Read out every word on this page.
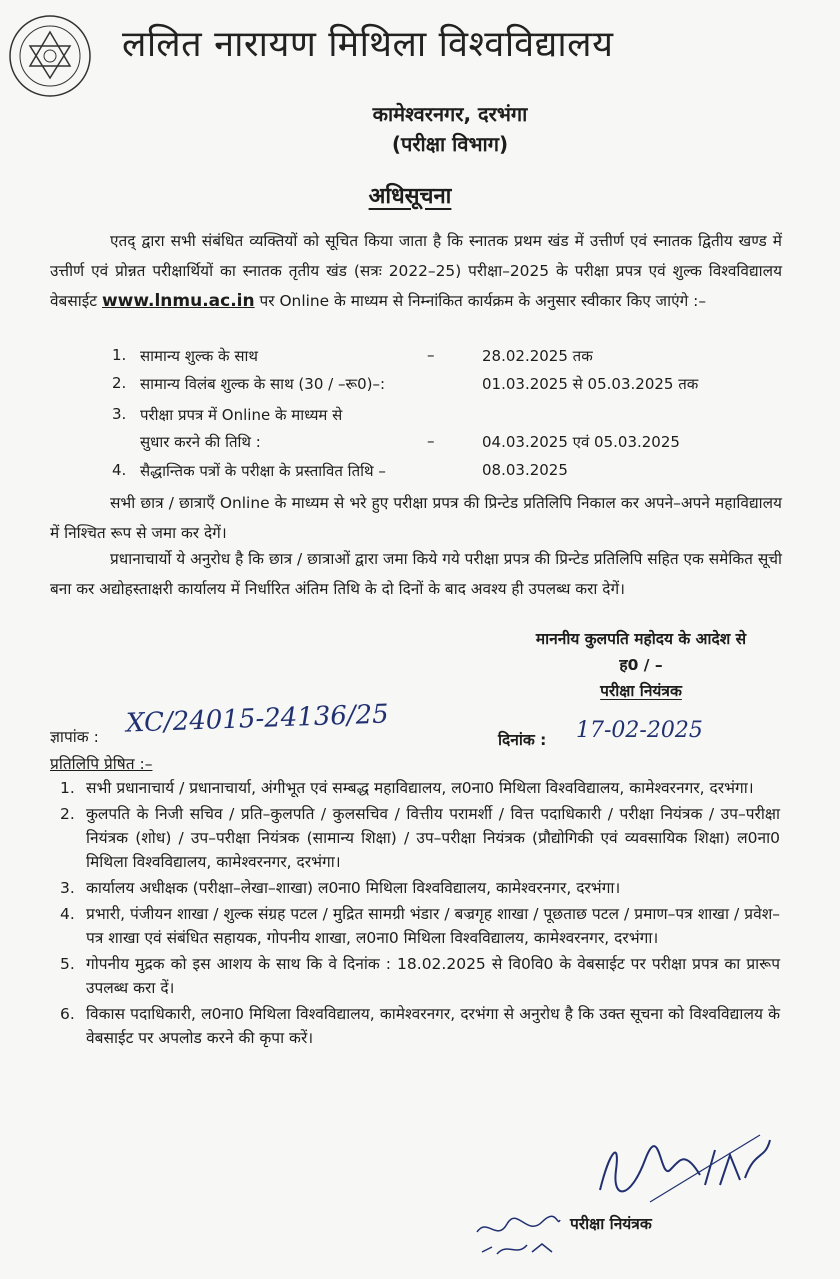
ललित नारायण मिथिला विश्वविद्यालय
कामेश्वरनगर, दरभंगा
(परीक्षा विभाग)
अधिसूचना
एतद् द्वारा सभी संबंधित व्यक्तियों को सूचित किया जाता है कि स्नातक प्रथम खंड में उत्तीर्ण एवं स्नातक द्वितीय खण्ड में उत्तीर्ण एवं प्रोन्नत परीक्षार्थियों का स्नातक तृतीय खंड (सत्रः 2022–25) परीक्षा–2025 के परीक्षा प्रपत्र एवं शुल्क विश्वविद्यालय वेबसाईट www.lnmu.ac.in पर Online के माध्यम से निम्नांकित कार्यक्रम के अनुसार स्वीकार किए जाएंगे :–
1. सामान्य शुल्क के साथ	–	28.02.2025 तक
2. सामान्य विलंब शुल्क के साथ (30 / –रू0)–:	01.03.2025 से 05.03.2025 तक
3. परीक्षा प्रपत्र में Online के माध्यम से
सुधार करने की तिथि :	–	04.03.2025 एवं 05.03.2025
4. सैद्धान्तिक पत्रों के परीक्षा के प्रस्तावित तिथि –	08.03.2025
सभी छात्र / छात्राएँ Online के माध्यम से भरे हुए परीक्षा प्रपत्र की प्रिन्टेड प्रतिलिपि निकाल कर अपने–अपने महाविद्यालय में निश्चित रूप से जमा कर देगें।
प्रधानाचार्यो ये अनुरोध है कि छात्र / छात्राओं द्वारा जमा किये गये परीक्षा प्रपत्र की प्रिन्टेड प्रतिलिपि सहित एक समेकित सूची बना कर अद्योहस्ताक्षरी कार्यालय में निर्धारित अंतिम तिथि के दो दिनों के बाद अवश्य ही उपलब्ध करा देगें।
माननीय कुलपति महोदय के आदेश से
ह0 / –
परीक्षा नियंत्रक
ज्ञापांक : XC/24015-24136/25
दिनांक : 17-02-2025
प्रतिलिपि प्रेषित :–
1. सभी प्रधानाचार्य / प्रधानाचार्या, अंगीभूत एवं सम्बद्ध महाविद्यालय, ल0ना0 मिथिला विश्वविद्यालय, कामेश्वरनगर, दरभंगा।
2. कुलपति के निजी सचिव / प्रति–कुलपति / कुलसचिव / वित्तीय परामर्शी / वित्त पदाधिकारी / परीक्षा नियंत्रक / उप–परीक्षा नियंत्रक (शोध) / उप–परीक्षा नियंत्रक (सामान्य शिक्षा) / उप–परीक्षा नियंत्रक (प्रौद्योगिकी एवं व्यवसायिक शिक्षा) ल0ना0 मिथिला विश्वविद्यालय, कामेश्वरनगर, दरभंगा।
3. कार्यालय अधीक्षक (परीक्षा–लेखा–शाखा) ल0ना0 मिथिला विश्वविद्यालय, कामेश्वरनगर, दरभंगा।
4. प्रभारी, पंजीयन शाखा / शुल्क संग्रह पटल / मुद्रित सामग्री भंडार / बज्रगृह शाखा / पूछताछ पटल / प्रमाण–पत्र शाखा / प्रवेश–पत्र शाखा एवं संबंधित सहायक, गोपनीय शाखा, ल0ना0 मिथिला विश्वविद्यालय, कामेश्वरनगर, दरभंगा।
5. गोपनीय मुद्रक को इस आशय के साथ कि वे दिनांक : 18.02.2025 से वि0वि0 के वेबसाईट पर परीक्षा प्रपत्र का प्रारूप उपलब्ध करा दें।
6. विकास पदाधिकारी, ल0ना0 मिथिला विश्वविद्यालय, कामेश्वरनगर, दरभंगा से अनुरोध है कि उक्त सूचना को विश्वविद्यालय के वेबसाईट पर अपलोड करने की कृपा करें।
परीक्षा नियंत्रक
